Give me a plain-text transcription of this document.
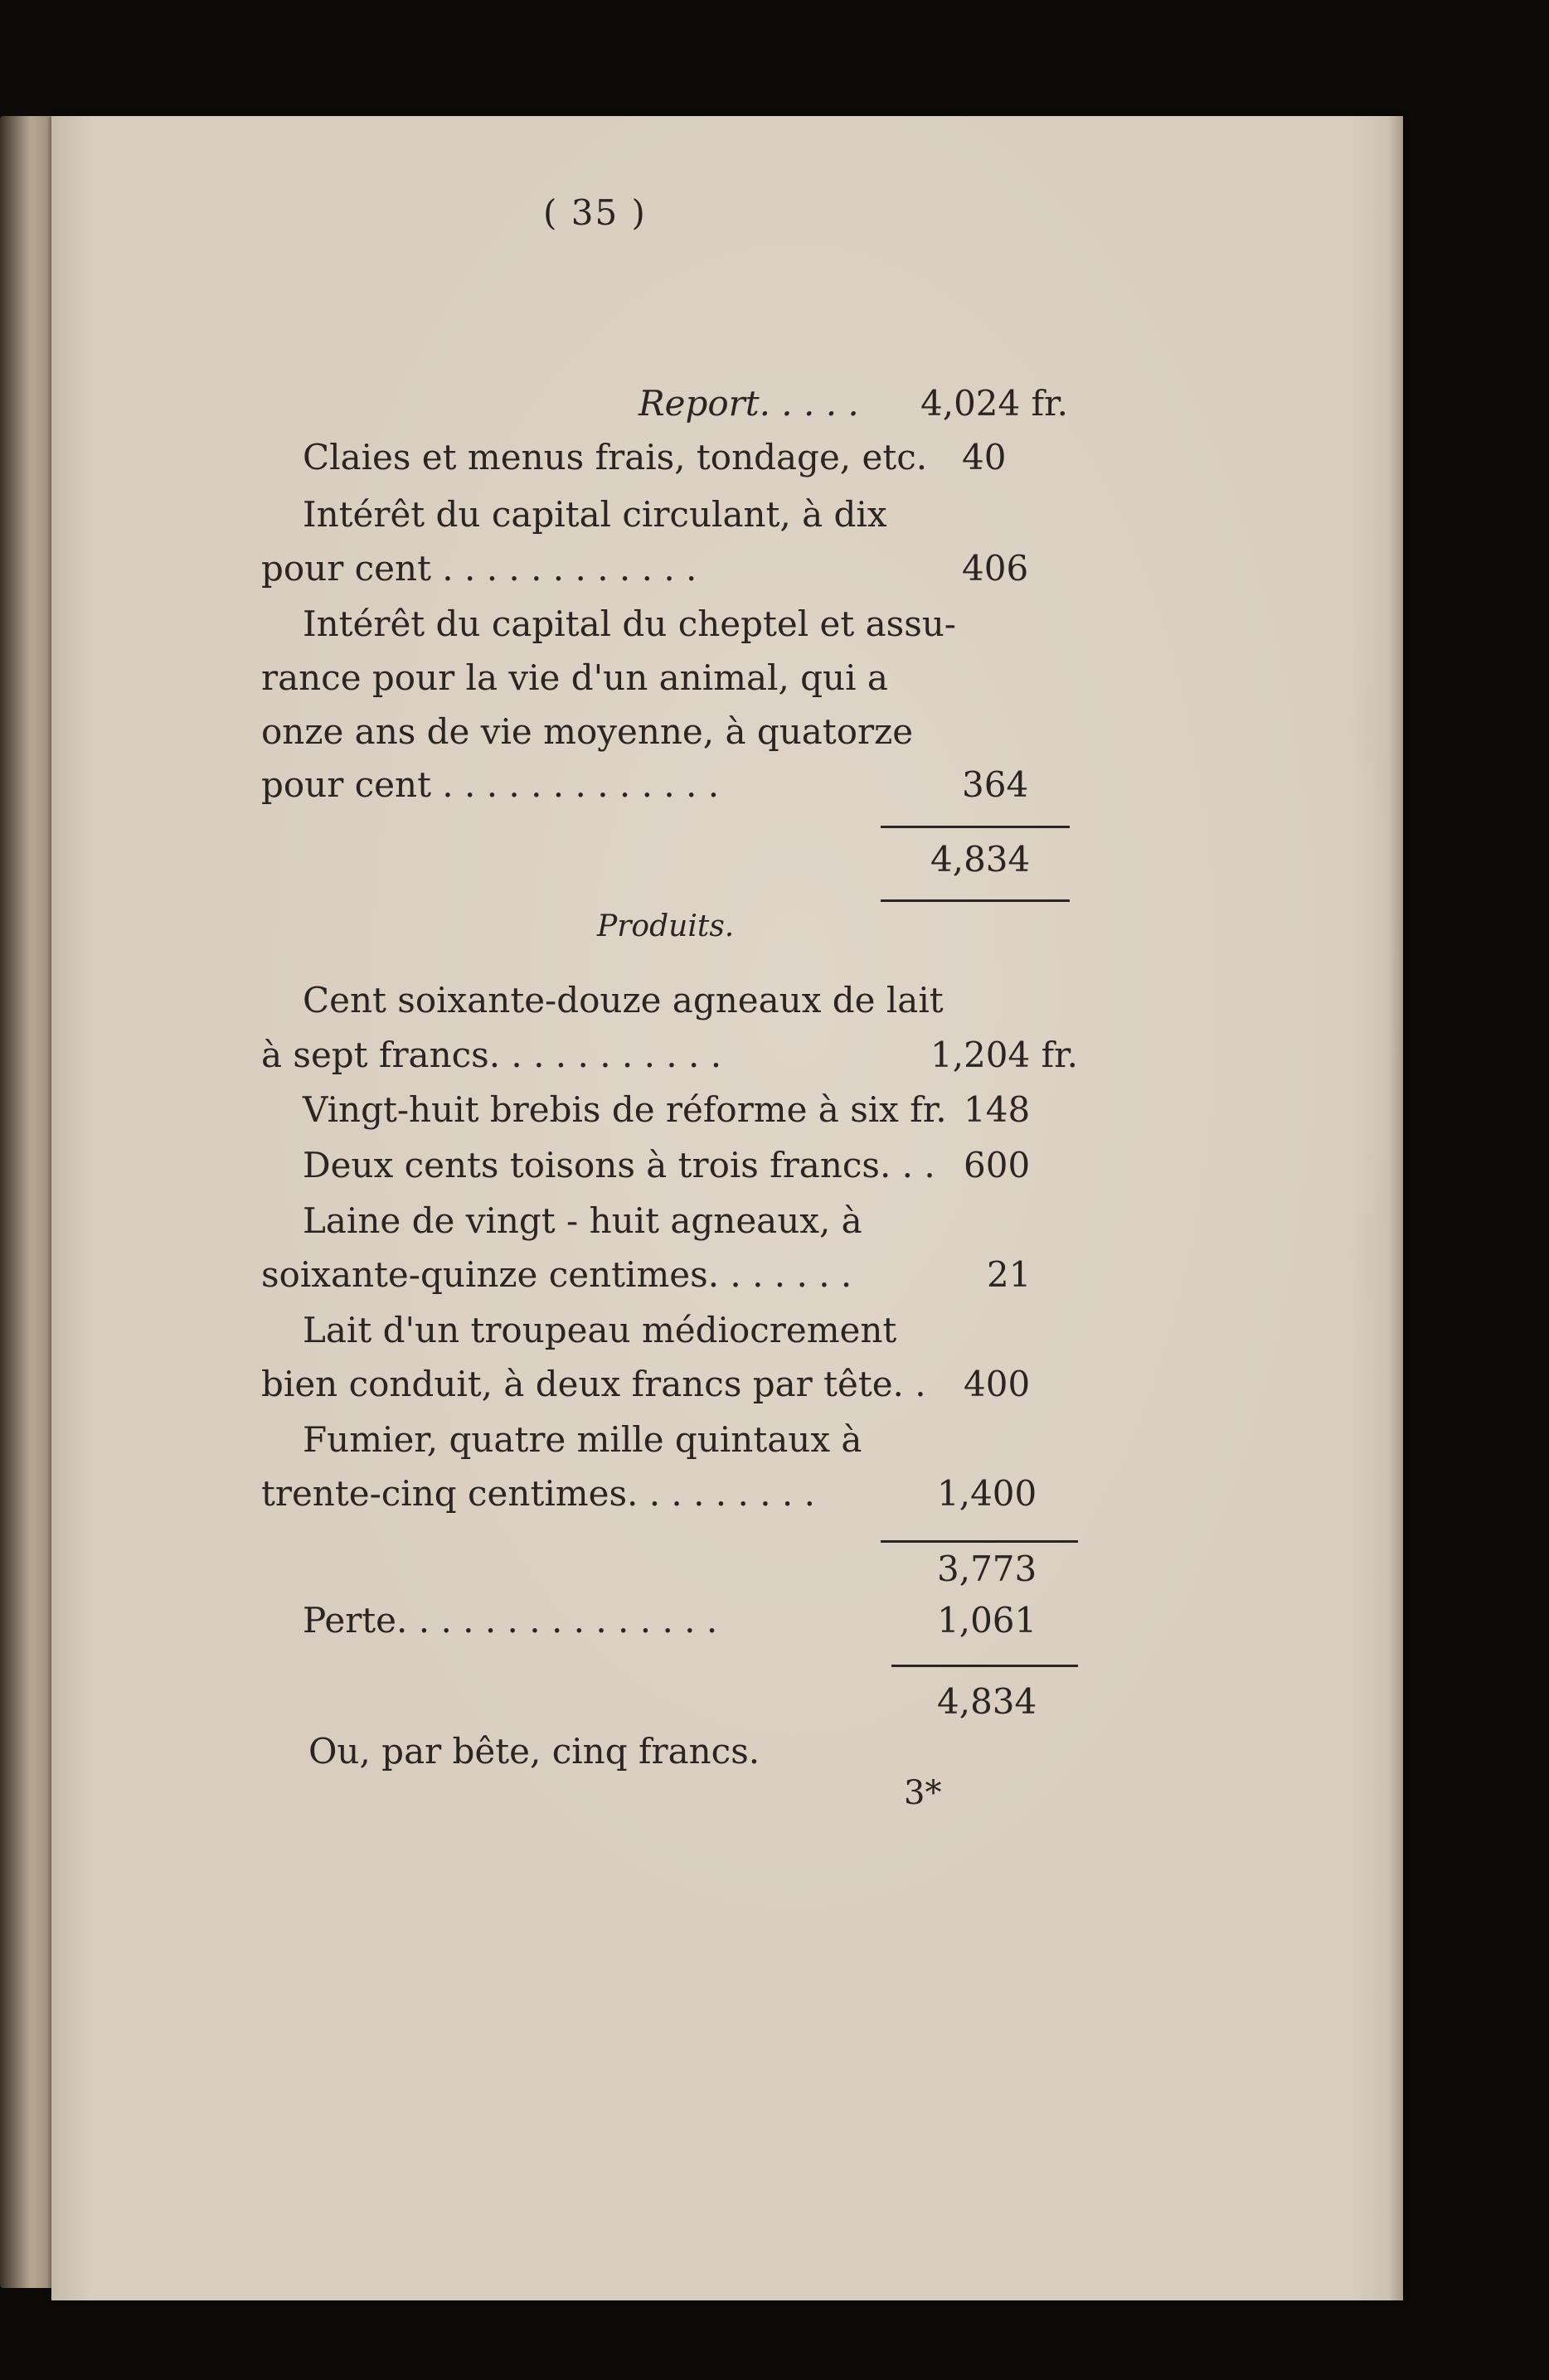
( 35 )
Report. . . . . 4,024 fr.
Claies et menus frais, tondage, etc. 40
Intérêt du capital circulant, à dix
pour cent . . . . . . . . . . . .	406
Intérêt du capital du cheptel et assu-
rance pour la vie d'un animal, qui a
onze ans de vie moyenne, à quatorze
pour cent . . . . . . . . . . . . .	364
4,834
Produits.
Cent soixante-douze agneaux de lait
à sept francs. . . . . . . . . . .	1,204 fr.
Vingt-huit brebis de réforme à six fr. 148
Deux cents toisons à trois francs. . . 600
Laine de vingt - huit agneaux, à
soixante-quinze centimes. . . . . . .	21
Lait d'un troupeau médiocrement
bien conduit, à deux francs par tête. . 400
Fumier, quatre mille quintaux à
trente-cinq centimes. . . . . . . . .	1,400
3,773
Perte. . . . . . . . . . . . . . .	1,061
4,834
Ou, par bête, cinq francs.
3*
